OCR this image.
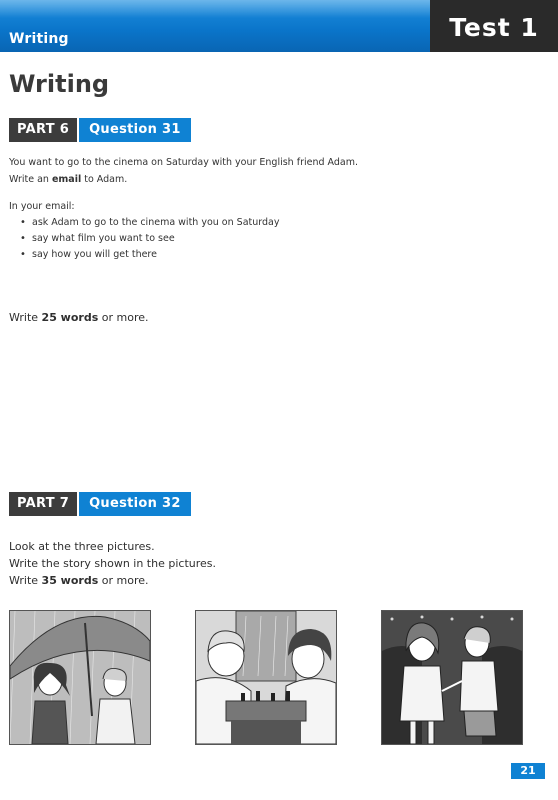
Writing	Test 1
Writing
PART 6	Question 31
You want to go to the cinema on Saturday with your English friend Adam.
Write an email to Adam.
In your email:
• ask Adam to go to the cinema with you on Saturday
• say what film you want to see
• say how you will get there
Write 25 words or more.
PART 7	Question 32
Look at the three pictures.
Write the story shown in the pictures.
Write 35 words or more.
21
